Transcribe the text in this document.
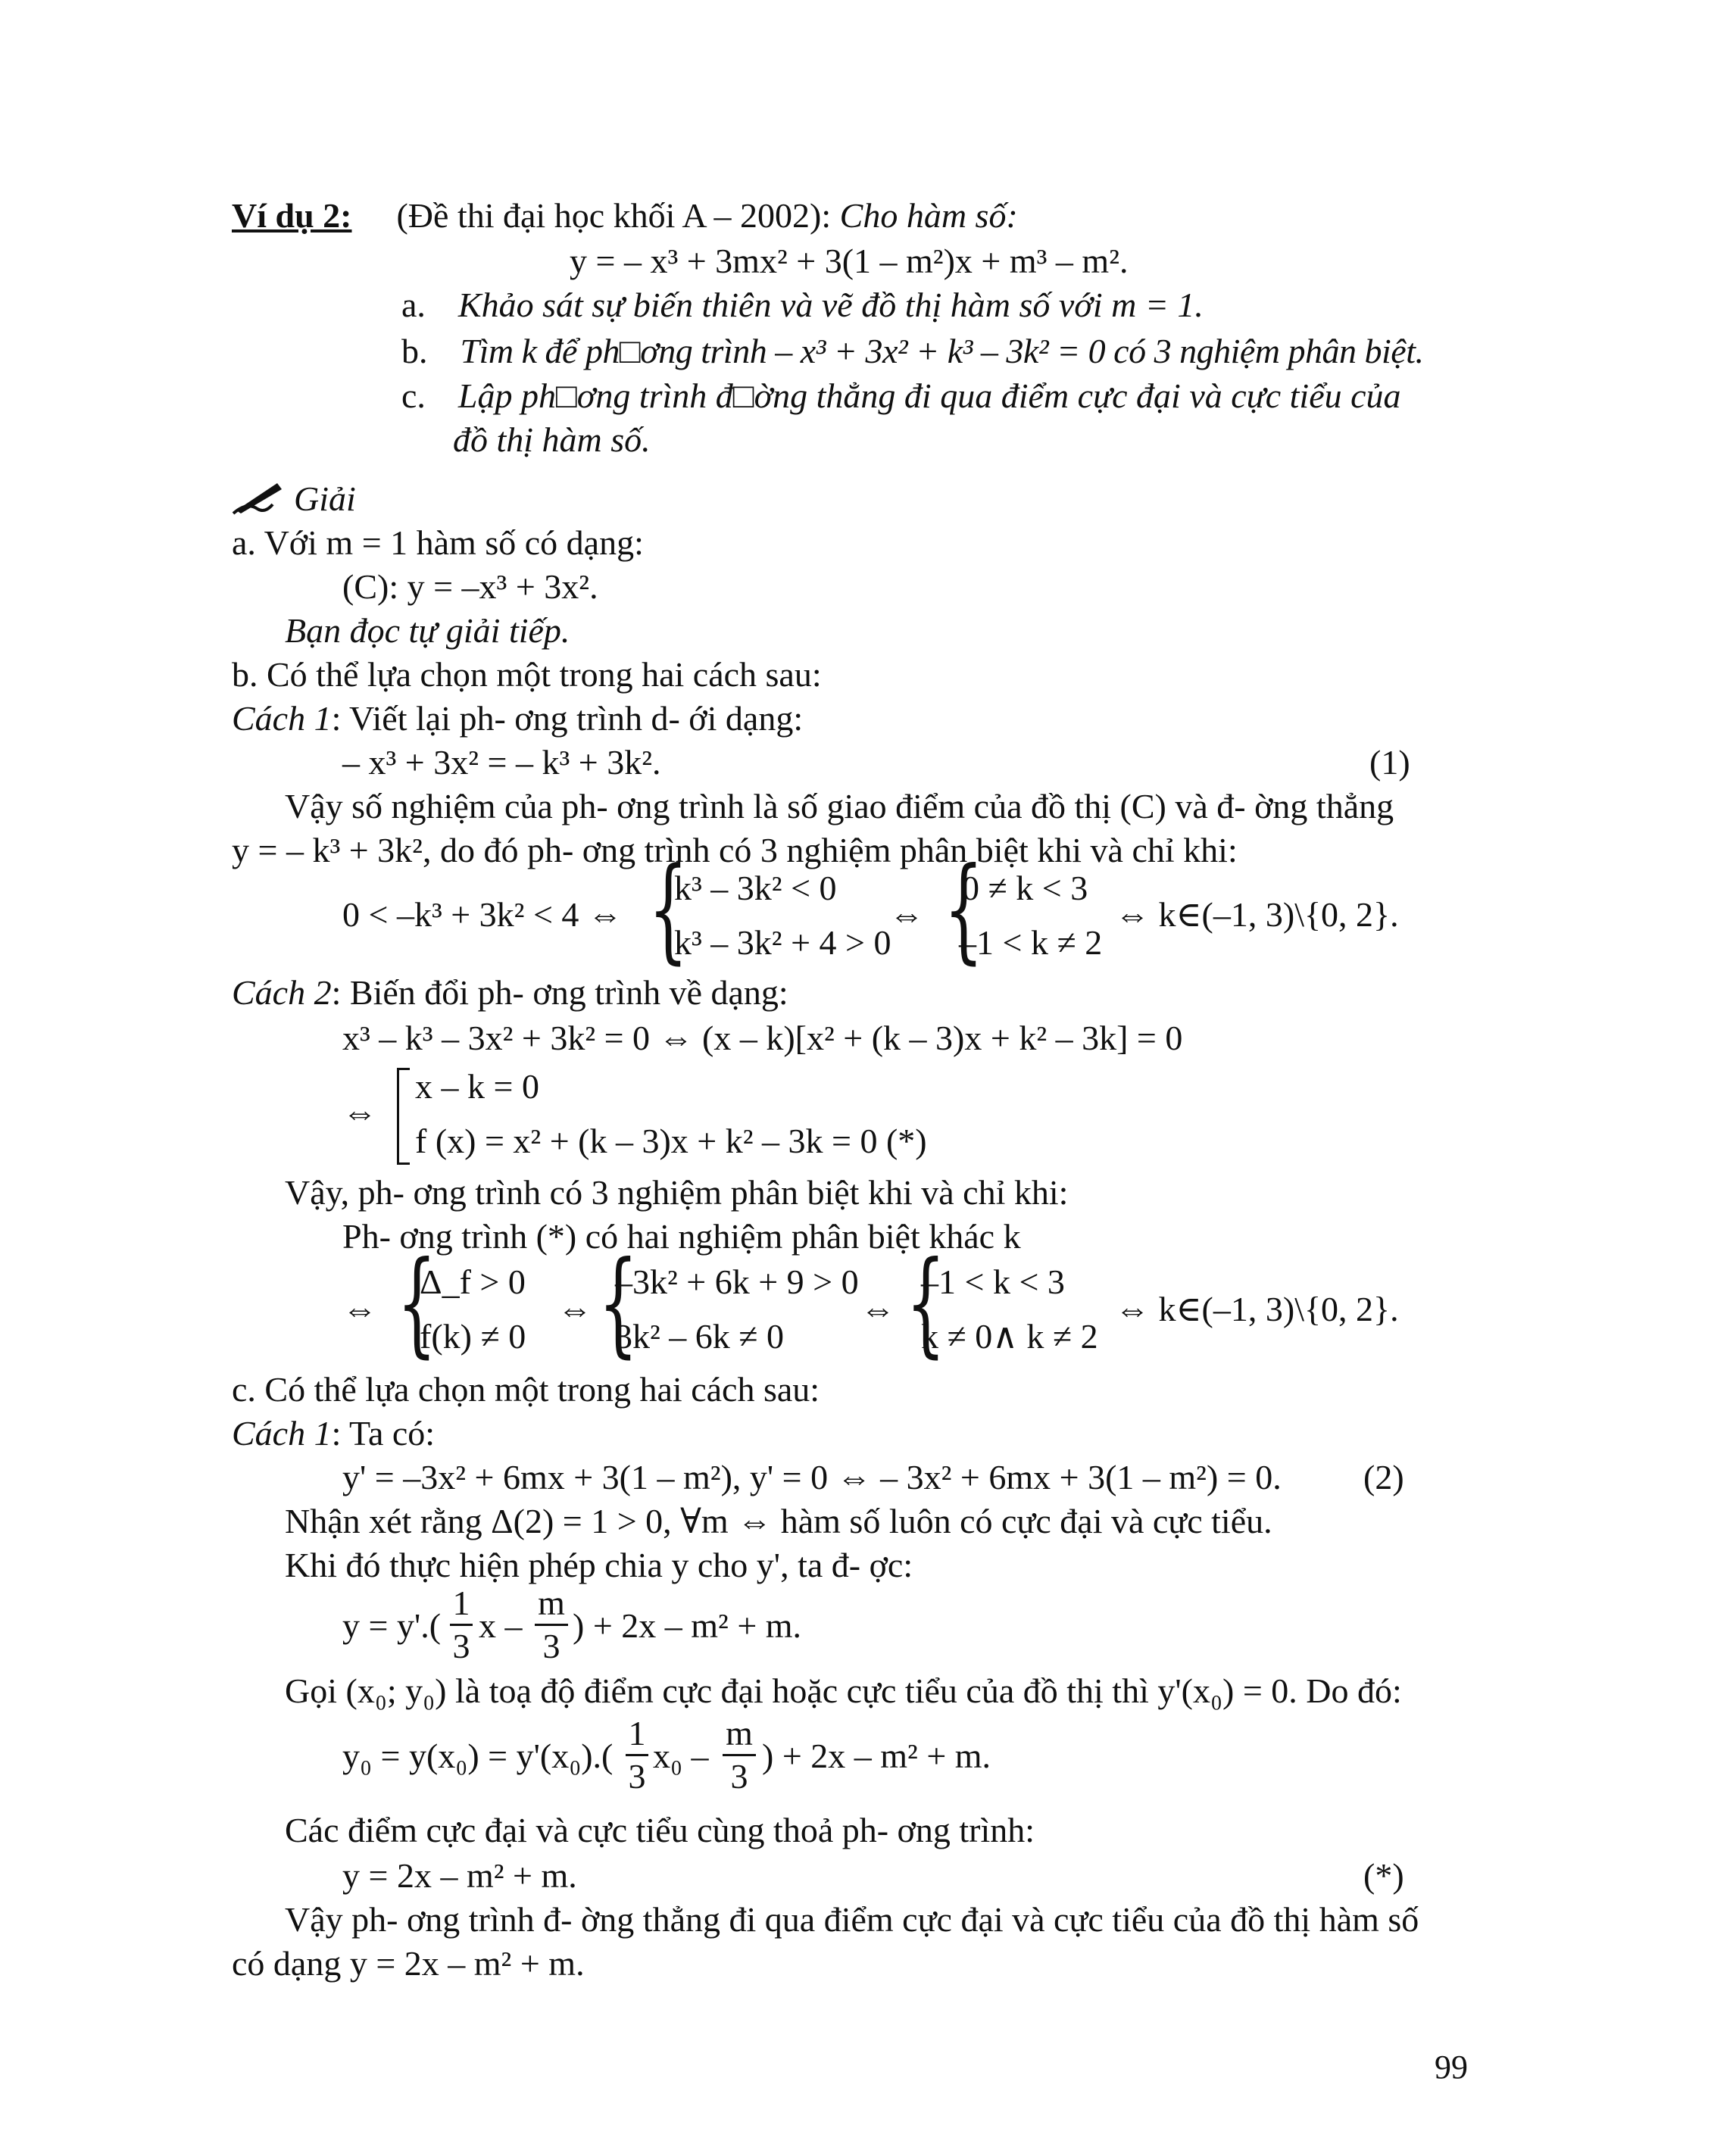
Ví dụ 2: (Đề thi đại học khối A – 2002): Cho hàm số:
y = – x³ + 3mx² + 3(1 – m²)x + m³ – m².
a. Khảo sát sự biến thiên và vẽ đồ thị hàm số với m = 1.
b. Tìm k để ph□ơng trình – x³ + 3x² + k³ – 3k² = 0 có 3 nghiệm phân biệt.
c. Lập ph□ơng trình đ□ờng thẳng đi qua điểm cực đại và cực tiểu của
đồ thị hàm số.
Giải
a. Với m = 1 hàm số có dạng:
(C): y = –x³ + 3x².
Bạn đọc tự giải tiếp.
b. Có thể lựa chọn một trong hai cách sau:
Cách 1: Viết lại ph- ơng trình d- ới dạng:
– x³ + 3x² = – k³ + 3k².	(1)
Vậy số nghiệm của ph- ơng trình là số giao điểm của đồ thị (C) và đ- ờng thẳng
y = – k³ + 3k², do đó ph- ơng trình có 3 nghiệm phân biệt khi và chỉ khi:
0 < –k³ + 3k² < 4 ⇔ {
k³ – 3k² < 0
k³ – 3k² + 4 > 0
⇔ {
0 ≠ k < 3
–1 < k ≠ 2
⇔ k∈(–1, 3)\{0, 2}.
Cách 2: Biến đổi ph- ơng trình về dạng:
x³ – k³ – 3x² + 3k² = 0 ⇔ (x – k)[x² + (k – 3)x + k² – 3k] = 0
⇔
x – k = 0
f (x) = x² + (k – 3)x + k² – 3k = 0 (*)
Vậy, ph- ơng trình có 3 nghiệm phân biệt khi và chỉ khi:
Ph- ơng trình (*) có hai nghiệm phân biệt khác k
⇔ {
Δ_f > 0
f(k) ≠ 0
⇔ {
–3k² + 6k + 9 > 0
3k² – 6k ≠ 0
⇔ {
–1 < k < 3
k ≠ 0∧ k ≠ 2
⇔ k∈(–1, 3)\{0, 2}.
c. Có thể lựa chọn một trong hai cách sau:
Cách 1: Ta có:
y' = –3x² + 6mx + 3(1 – m²), y' = 0 ⇔ – 3x² + 6mx + 3(1 – m²) = 0. (2)
Nhận xét rằng Δ(2) = 1 > 0, ∀m ⇔ hàm số luôn có cực đại và cực tiểu.
Khi đó thực hiện phép chia y cho y', ta đ- ợc:
y = y'.(
1
3
x –
m
3
) + 2x – m² + m.
Gọi (x₀; y₀) là toạ độ điểm cực đại hoặc cực tiểu của đồ thị thì y'(x₀) = 0. Do đó:
y₀ = y(x₀) = y'(x₀).(
1
3
x₀ –
m
3
) + 2x – m² + m.
Các điểm cực đại và cực tiểu cùng thoả ph- ơng trình:
y = 2x – m² + m.	(*)
Vậy ph- ơng trình đ- ờng thẳng đi qua điểm cực đại và cực tiểu của đồ thị hàm số
có dạng y = 2x – m² + m.
99
